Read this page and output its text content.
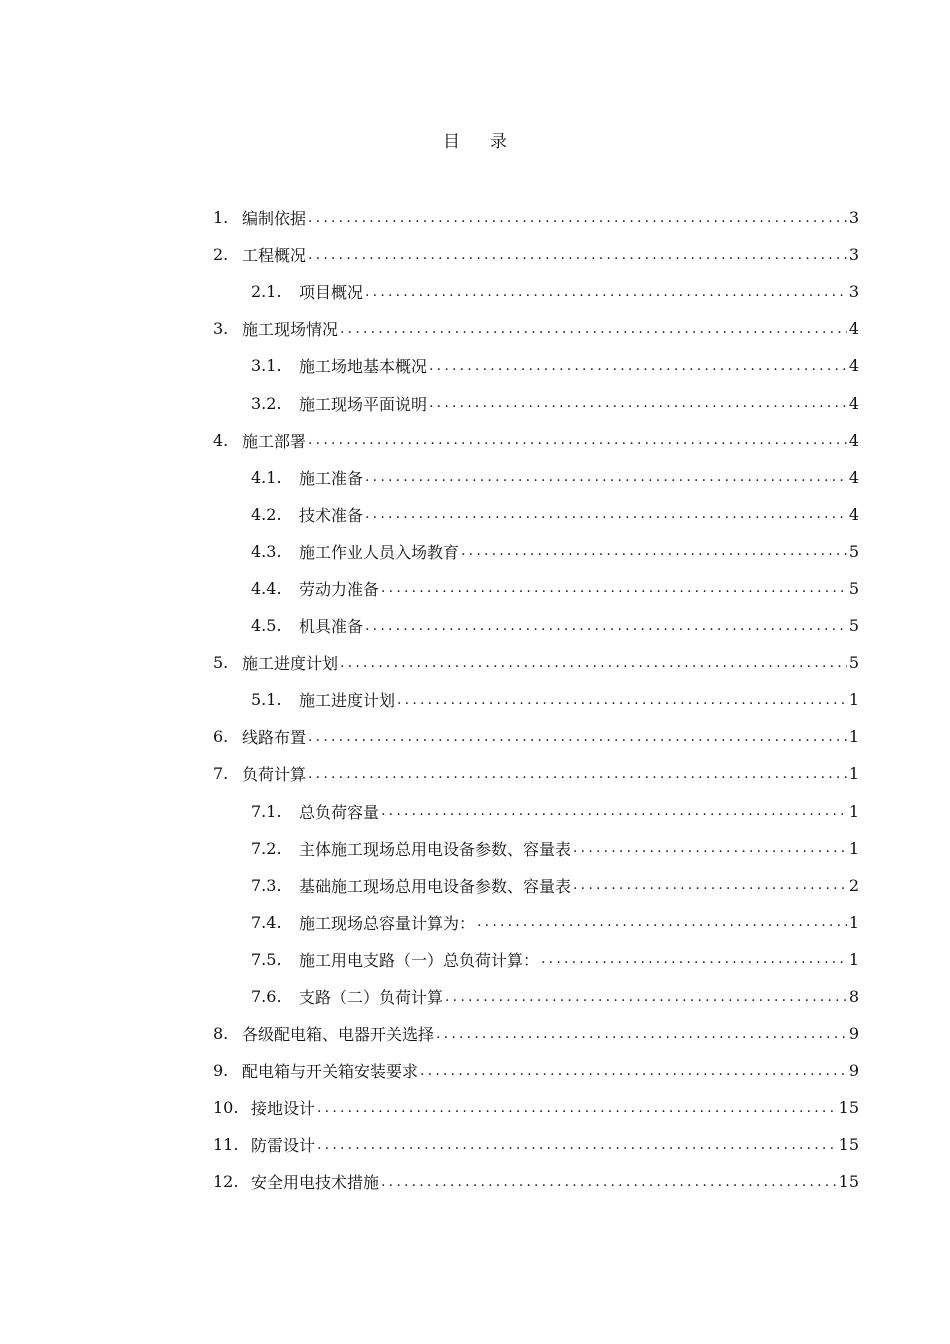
目 录
1. 编制依据 .....	3
2. 工程概况 .....	3
2.1.	项目概况 .....	3
3. 施工现场情况 .....	4
3.1.	施工场地基本概况 .....	4
3.2.	施工现场平面说明 .....	4
4. 施工部署 .....	4
4.1.	施工准备 .....	4
4.2.	技术准备 .....	4
4.3.	施工作业人员入场教育 .....	5
4.4.	劳动力准备 .....	5
4.5.	机具准备 .....	5
5. 施工进度计划 .....	5
5.1.	施工进度计划 .....	1
6. 线路布置 .....	1
7. 负荷计算 .....	1
7.1.	总负荷容量 .....	1
7.2.	主体施工现场总用电设备参数、容量表 .....	1
7.3.	基础施工现场总用电设备参数、容量表 .....	2
7.4.	施工现场总容量计算为： .....	1
7.5.	施工用电支路（一）总负荷计算： .....	1
7.6.	支路（二）负荷计算 .....	8
8. 各级配电箱、电器开关选择 .....	9
9. 配电箱与开关箱安装要求 .....	9
10. 接地设计 .....	15
11. 防雷设计 .....	15
12. 安全用电技术措施 .....	15
